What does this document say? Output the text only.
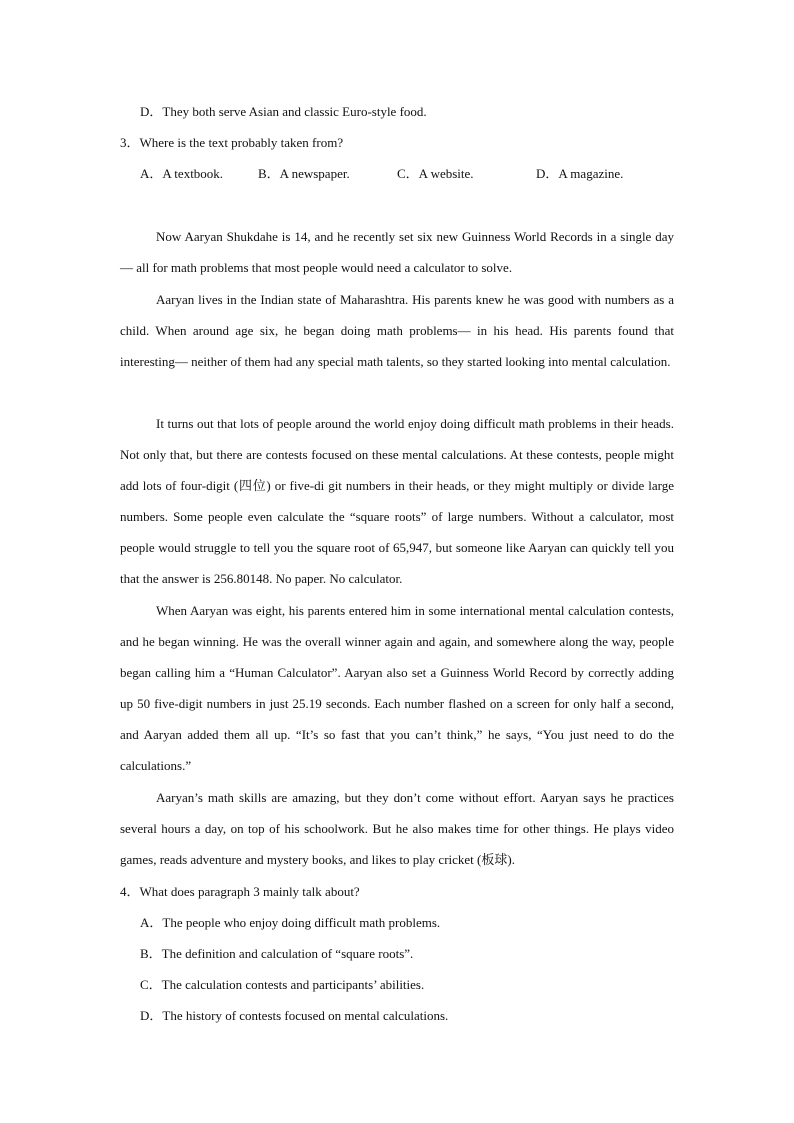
D．They both serve Asian and classic Euro-style food.
3．Where is the text probably taken from?
A．A textbook.	B．A newspaper.	C．A website.	D．A magazine.

Now Aaryan Shukdahe is 14, and he recently set six new Guinness World Records in a single day— all for math problems that most people would need a calculator to solve.

Aaryan lives in the Indian state of Maharashtra. His parents knew he was good with numbers as a child. When around age six, he began doing math problems— in his head. His parents found that interesting— neither of them had any special math talents, so they started looking into mental calculation.

It turns out that lots of people around the world enjoy doing difficult math problems in their heads. Not only that, but there are contests focused on these mental calculations. At these contests, people might add lots of four-digit (四位) or five-di git numbers in their heads, or they might multiply or divide large numbers. Some people even calculate the “square roots” of large numbers. Without a calculator, most people would struggle to tell you the square root of 65,947, but someone like Aaryan can quickly tell you that the answer is 256.80148. No paper. No calculator.

When Aaryan was eight, his parents entered him in some international mental calculation contests, and he began winning. He was the overall winner again and again, and somewhere along the way, people began calling him a “Human Calculator”. Aaryan also set a Guinness World Record by correctly adding up 50 five-digit numbers in just 25.19 seconds. Each number flashed on a screen for only half a second, and Aaryan added them all up. “It’s so fast that you can’t think,” he says, “You just need to do the calculations.”

Aaryan’s math skills are amazing, but they don’t come without effort. Aaryan says he practices several hours a day, on top of his schoolwork. But he also makes time for other things. He plays video games, reads adventure and mystery books, and likes to play cricket (板球).

4．What does paragraph 3 mainly talk about?
A．The people who enjoy doing difficult math problems.
B．The definition and calculation of “square roots”.
C．The calculation contests and participants’ abilities.
D．The history of contests focused on mental calculations.
